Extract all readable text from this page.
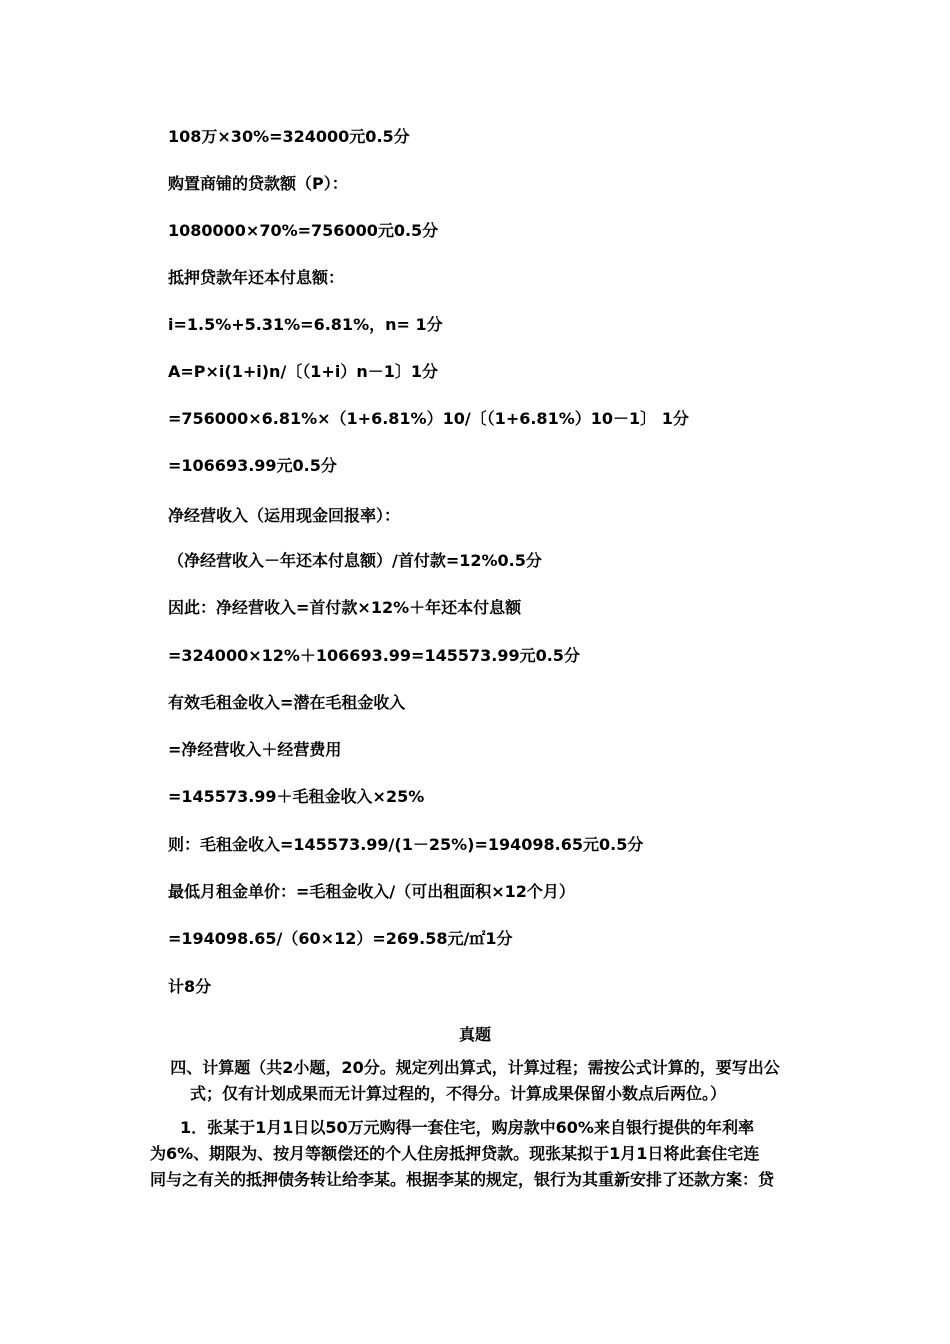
108万×30%=324000元0.5分
购置商铺的贷款额（P）：
1080000×70%=756000元0.5分
抵押贷款年还本付息额：
i=1.5%+5.31%=6.81%，n= 1分
A=P×i(1+i)n/〔（1+i）n－1〕1分
=756000×6.81%×（1+6.81%）10/〔（1+6.81%）10－1〕 1分
=106693.99元0.5分
净经营收入（运用现金回报率）：
（净经营收入－年还本付息额）/首付款=12%0.5分
因此：净经营收入=首付款×12%＋年还本付息额
=324000×12%＋106693.99=145573.99元0.5分
有效毛租金收入=潜在毛租金收入
=净经营收入＋经营费用
=145573.99＋毛租金收入×25%
则：毛租金收入=145573.99/(1－25%)=194098.65元0.5分
最低月租金单价：=毛租金收入/（可出租面积×12个月）
=194098.65/（60×12）=269.58元/㎡1分
计8分
真题
四、计算题（共2小题，20分。规定列出算式，计算过程；需按公式计算的，要写出公
式；仅有计划成果而无计算过程的，不得分。计算成果保留小数点后两位。）
1．张某于1月1日以50万元购得一套住宅，购房款中60%来自银行提供的年利率
为6%、期限为、按月等额偿还的个人住房抵押贷款。现张某拟于1月1日将此套住宅连
同与之有关的抵押债务转让给李某。根据李某的规定，银行为其重新安排了还款方案：贷
